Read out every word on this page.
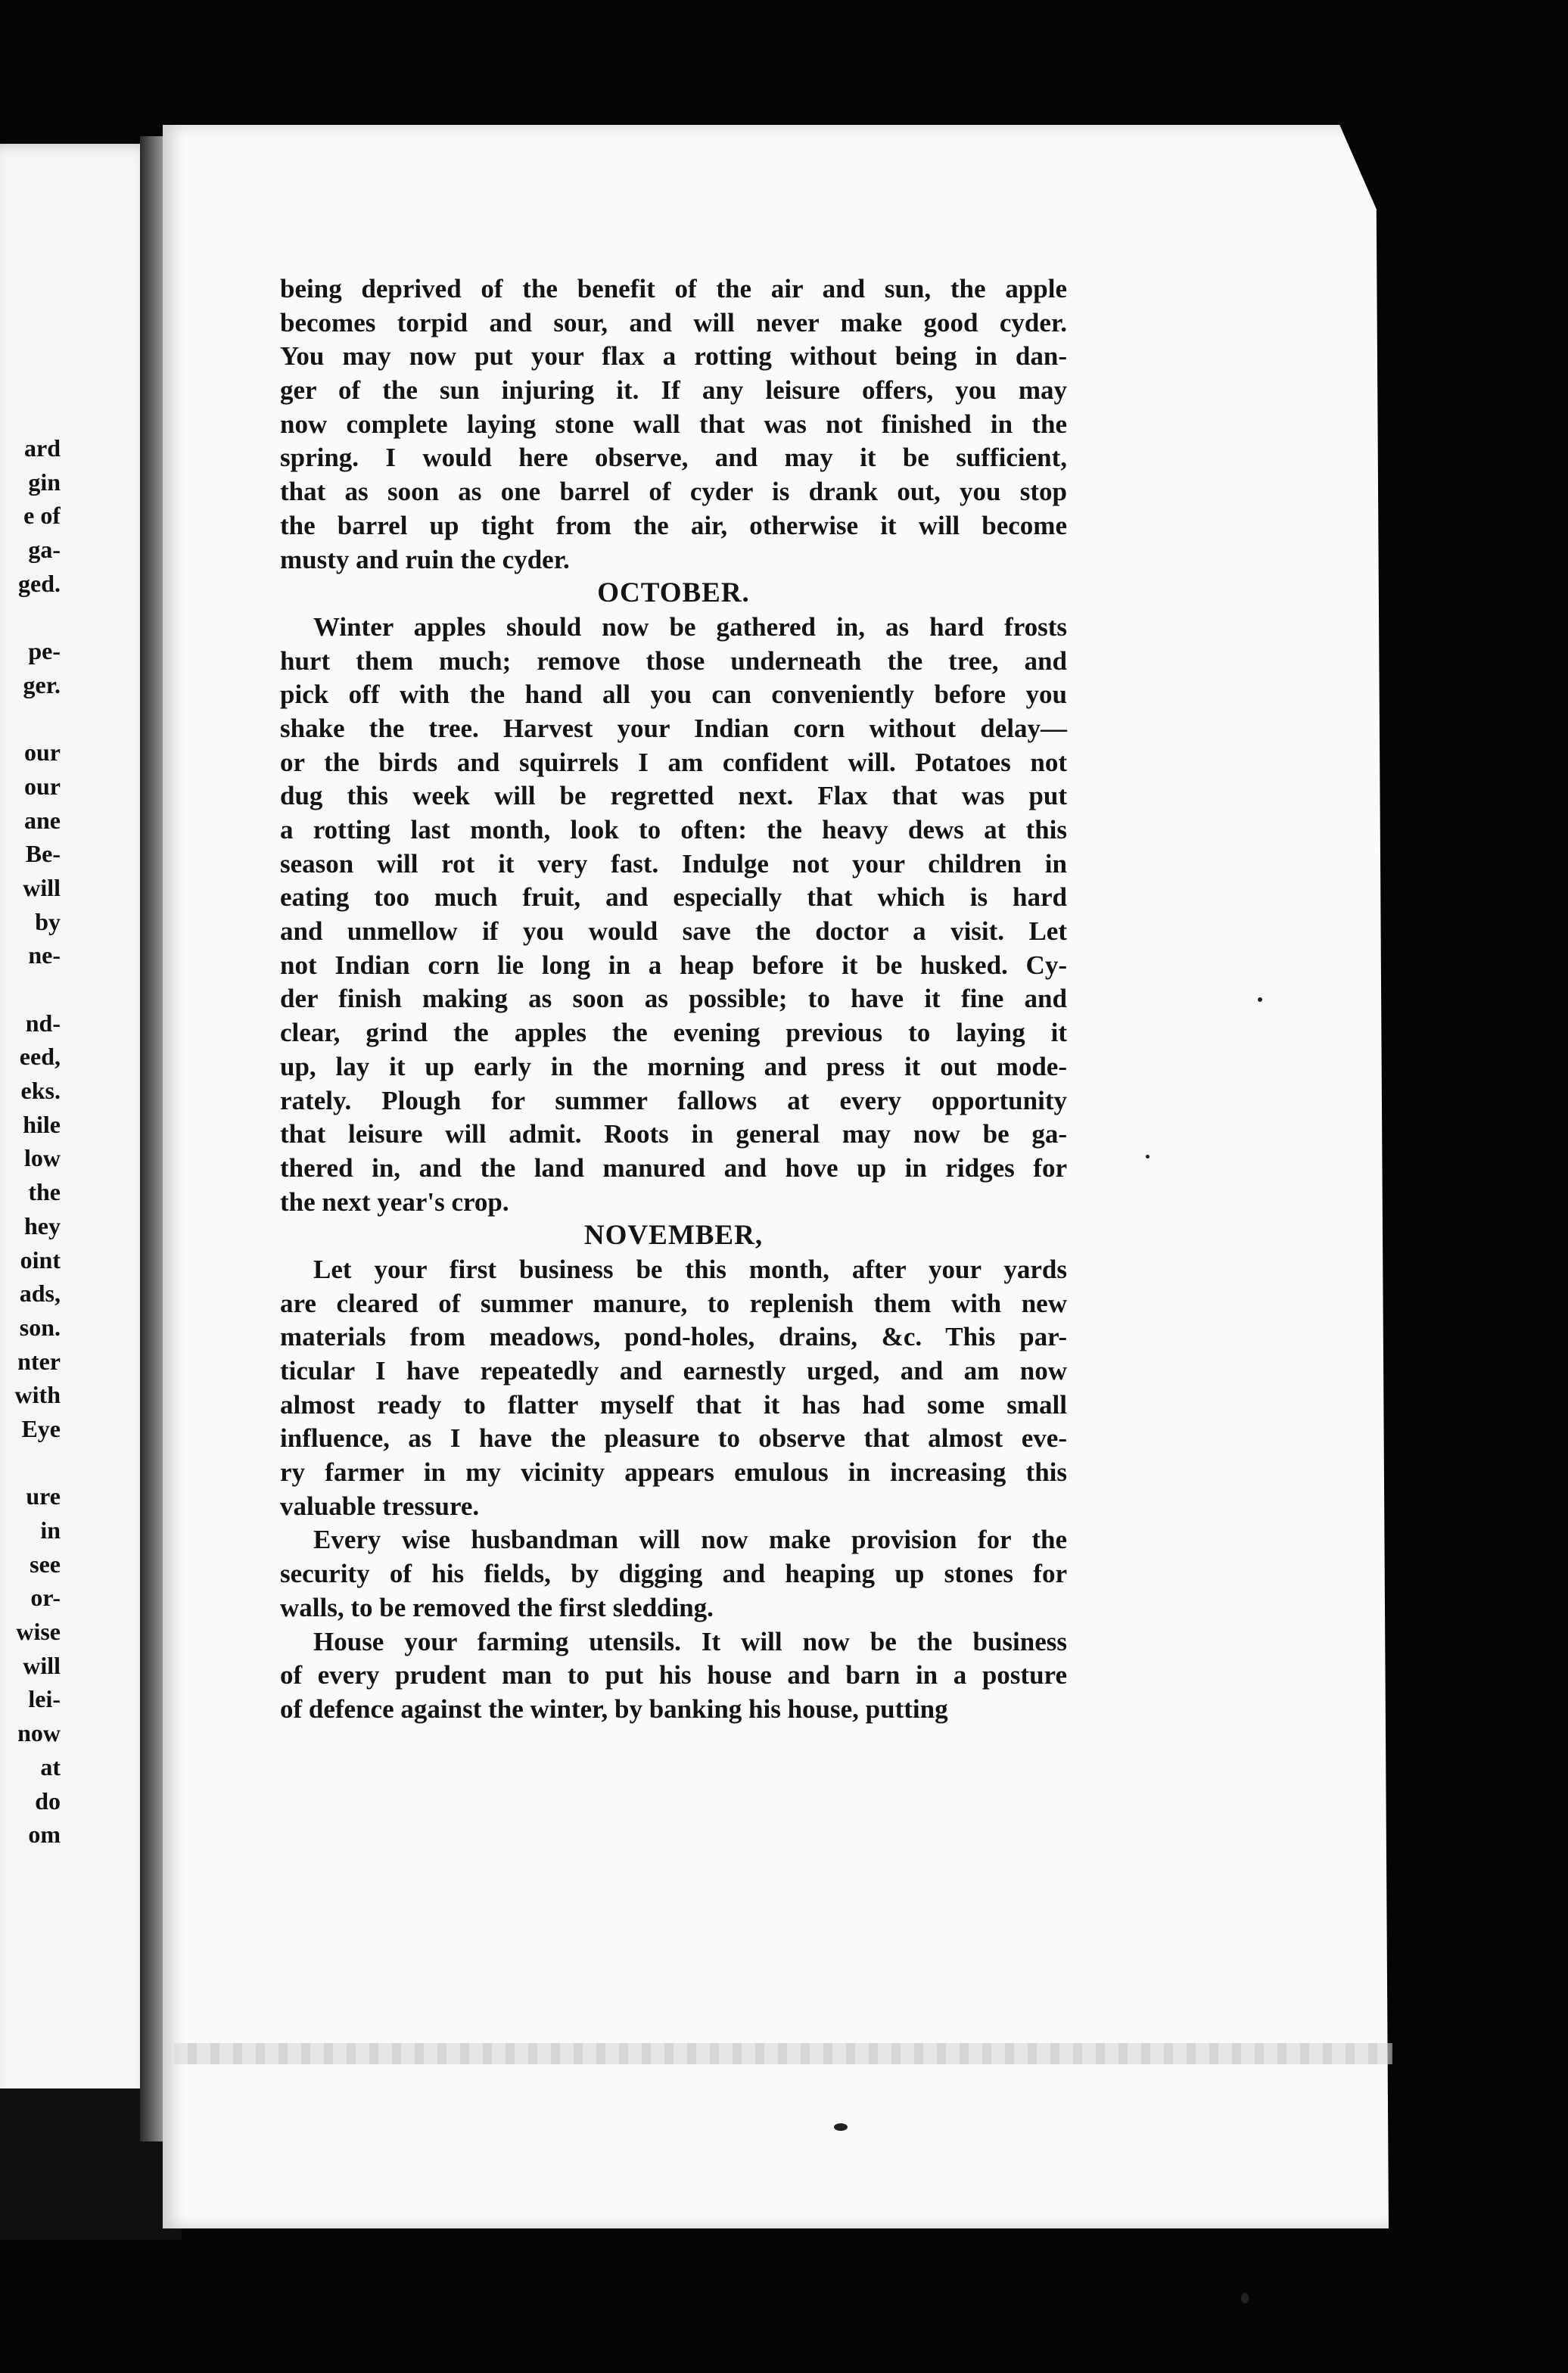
ard
gin
e of
ga-
ged.
pe-
ger.
our
our
ane
Be-
will
by
ne-
nd-
eed,
eks.
hile
low
the
hey
oint
ads,
son.
nter
with
Eye
ure
in
see
or-
wise
will
lei-
now
at
do
om
being deprived of the benefit of the air and sun, the apple
becomes torpid and sour, and will never make good cyder.
You may now put your flax a rotting without being in dan-
ger of the sun injuring it. If any leisure offers, you may
now complete laying stone wall that was not finished in the
spring. I would here observe, and may it be sufficient,
that as soon as one barrel of cyder is drank out, you stop
the barrel up tight from the air, otherwise it will become
musty and ruin the cyder.
OCTOBER.
Winter apples should now be gathered in, as hard frosts
hurt them much; remove those underneath the tree, and
pick off with the hand all you can conveniently before you
shake the tree. Harvest your Indian corn without delay—
or the birds and squirrels I am confident will. Potatoes not
dug this week will be regretted next. Flax that was put
a rotting last month, look to often: the heavy dews at this
season will rot it very fast. Indulge not your children in
eating too much fruit, and especially that which is hard
and unmellow if you would save the doctor a visit. Let
not Indian corn lie long in a heap before it be husked. Cy-
der finish making as soon as possible; to have it fine and
clear, grind the apples the evening previous to laying it
up, lay it up early in the morning and press it out mode-
rately. Plough for summer fallows at every opportunity
that leisure will admit. Roots in general may now be ga-
thered in, and the land manured and hove up in ridges for
the next year's crop.
NOVEMBER,
Let your first business be this month, after your yards
are cleared of summer manure, to replenish them with new
materials from meadows, pond-holes, drains, &c. This par-
ticular I have repeatedly and earnestly urged, and am now
almost ready to flatter myself that it has had some small
influence, as I have the pleasure to observe that almost eve-
ry farmer in my vicinity appears emulous in increasing this
valuable tressure.
Every wise husbandman will now make provision for the
security of his fields, by digging and heaping up stones for
walls, to be removed the first sledding.
House your farming utensils. It will now be the business
of every prudent man to put his house and barn in a posture
of defence against the winter, by banking his house, putting
